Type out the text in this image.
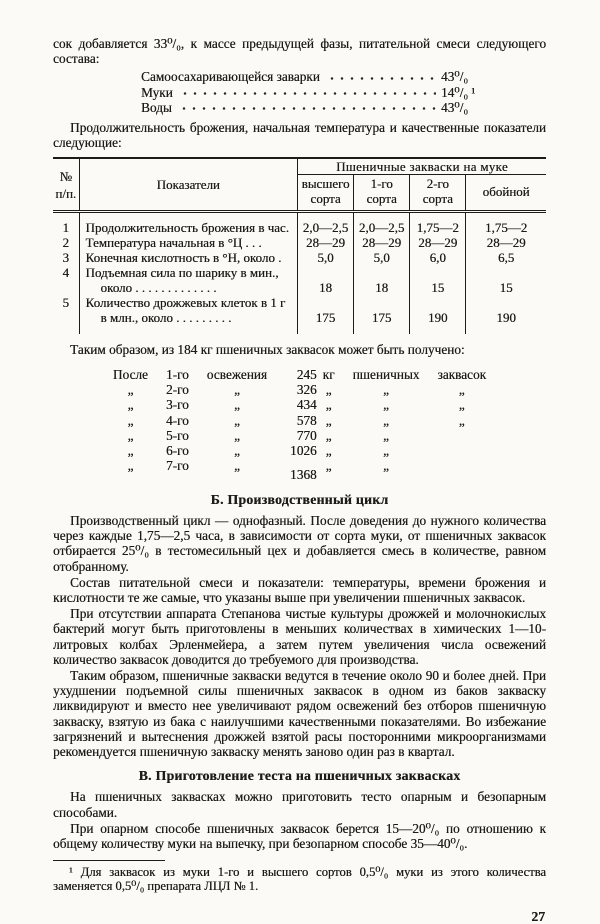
сок добавляется 33⁰/₀, к массе предыдущей фазы, питательной смеси следующего состава:

Самоосахаривающейся заварки	43⁰/₀
Муки	14⁰/₀ ¹
Воды	43⁰/₀

Продолжительность брожения, начальная температура и качественные показатели следующие:

№ п/п.	Показатели	Пшеничные закваски на муке			
		высшего сорта	1-го сорта	2-го сорта	обойной
1	Продолжительность брожения в час.	2,0—2,5	2,0—2,5	1,75—2	1,75—2
2	Температура начальная в °Ц . . .	28—29	28—29	28—29	28—29
3	Конечная кислотность в °Н, около .	5,0	5,0	6,0	6,5
4	Подъемная сила по шарику в мин.,
около . . . . . . . . . . . . .	18	18	15	15
5	Количество дрожжевых клеток в 1 г
в млн., около . . . . . . . . .	175	175	190	190

Таким образом, из 184 кг пшеничных заквасок может быть получено:

После	1-го	освежения	245	кг	пшеничных	заквасок
„	2-го	„	326	„	„	„
„	3-го	„	434	„	„	„
„	4-го	„	578	„	„	„
„	5-го	„	770	„	„	
„	6-го	„	1026	„	„	
„	7-го	„	1368	„	„	
Б. Производственный цикл

Производственный цикл — однофазный. После доведения до нужного количества через каждые 1,75—2,5 часа, в зависимости от сорта муки, от пшеничных заквасок отбирается 25⁰/₀ в тестомесильный цех и добавляется смесь в количестве, равном отобранному.

Состав питательной смеси и показатели: температуры, времени брожения и кислотности те же самые, что указаны выше при увеличении пшеничных заквасок.

При отсутствии аппарата Степанова чистые культуры дрожжей и молочнокислых бактерий могут быть приготовлены в меньших количествах в химических 1—10-литровых колбах Эрленмейера, а затем путем увеличения числа освежений количество заквасок доводится до требуемого для производства.

Таким образом, пшеничные закваски ведутся в течение около 90 и более дней. При ухудшении подъемной силы пшеничных заквасок в одном из баков закваску ликвидируют и вместо нее увеличивают рядом освежений без отборов пшеничную закваску, взятую из бака с наилучшими качественными показателями. Во избежание загрязнений и вытеснения дрожжей взятой расы посторонними микроорганизмами рекомендуется пшеничную закваску менять заново один раз в квартал.

В. Приготовление теста на пшеничных заквасках

На пшеничных заквасках можно приготовить тесто опарным и безопарным способами.

При опарном способе пшеничных заквасок берется 15—20⁰/₀ по отношению к общему количеству муки на выпечку, при безопарном способе 35—40⁰/₀.

¹ Для заквасок из муки 1-го и высшего сортов 0,5⁰/₀ муки из этого количества заменяется 0,5⁰/₀ препарата ЛЦЛ № 1.

27
